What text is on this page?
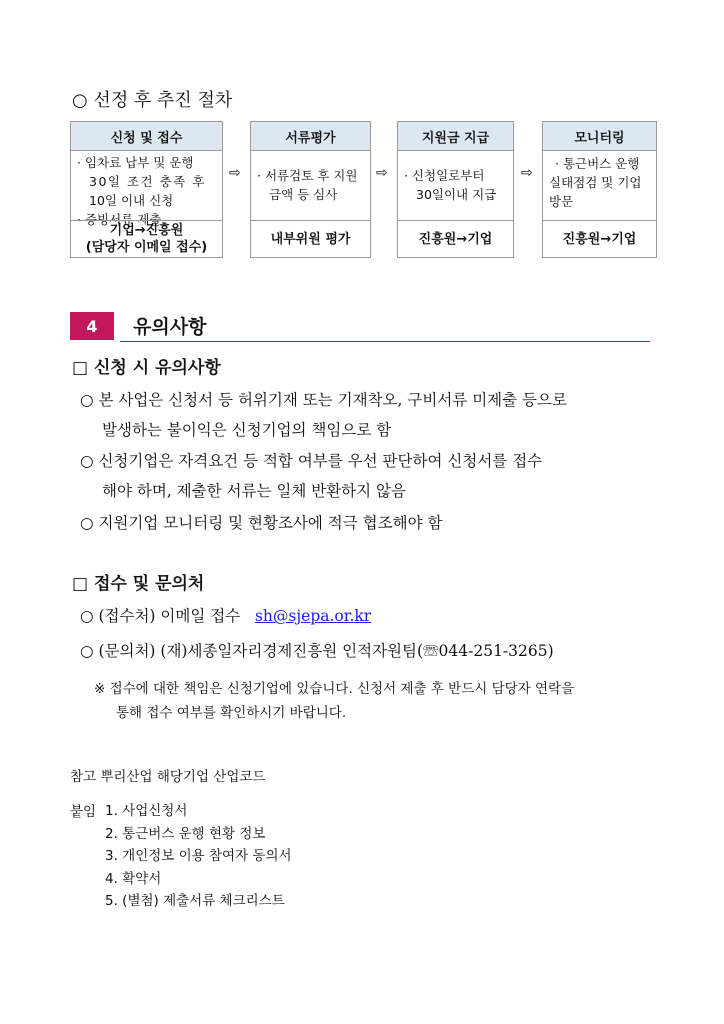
○ 선정 후 추진 절차
신청 및 접수
· 임차료 납부 및 운행
30일 조건 충족 후
10일 이내 신청
· 증빙서류 제출
기업→진흥원
(담당자 이메일 접수)
⇨
서류평가
· 서류검토 후 지원
금액 등 심사
내부위원 평가
⇨
지원금 지급
· 신청일로부터
30일이내 지급
진흥원→기업
⇨
모니터링
· 통근버스 운행
실태점검 및 기업
방문
진흥원→기업
4	유의사항
□ 신청 시 유의사항
○ 본 사업은 신청서 등 허위기재 또는 기재착오, 구비서류 미제출 등으로
발생하는 불이익은 신청기업의 책임으로 함
○ 신청기업은 자격요건 등 적합 여부를 우선 판단하여 신청서를 접수
해야 하며, 제출한 서류는 일체 반환하지 않음
○ 지원기업 모니터링 및 현황조사에 적극 협조해야 함
□ 접수 및 문의처
○ (접수처) 이메일 접수 sh@sjepa.or.kr
○ (문의처) (재)세종일자리경제진흥원 인적자원팀(☏044-251-3265)
※ 접수에 대한 책임은 신청기업에 있습니다. 신청서 제출 후 반드시 담당자 연락을
통해 접수 여부를 확인하시기 바랍니다.
참고 뿌리산업 해당기업 산업코드
붙임 1. 사업신청서
2. 통근버스 운행 현황 정보
3. 개인정보 이용 참여자 동의서
4. 확약서
5. (별첨) 제출서류 체크리스트
